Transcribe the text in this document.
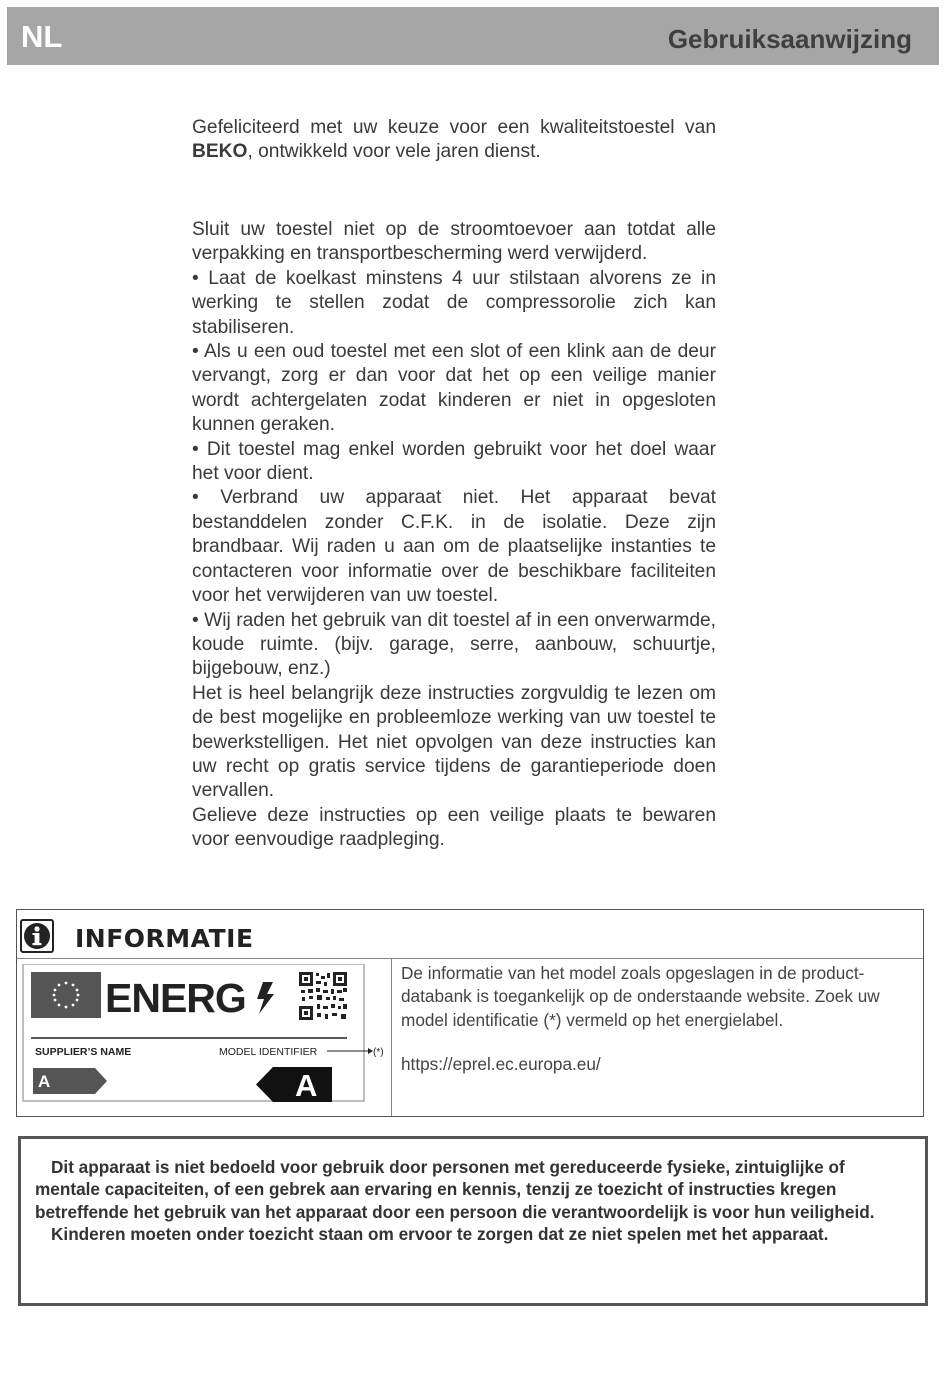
NL	Gebruiksaanwijzing

Gefeliciteerd met uw keuze voor een kwaliteitstoestel van BEKO, ontwikkeld voor vele jaren dienst.

Sluit uw toestel niet op de stroomtoevoer aan totdat alle verpakking en transportbescherming werd verwijderd.

• Laat de koelkast minstens 4 uur stilstaan alvorens ze in werking te stellen zodat de compressorolie zich kan stabiliseren.

• Als u een oud toestel met een slot of een klink aan de deur vervangt, zorg er dan voor dat het op een veilige manier wordt achtergelaten zodat kinderen er niet in opgesloten kunnen geraken.

• Dit toestel mag enkel worden gebruikt voor het doel waar het voor dient.

• Verbrand uw apparaat niet. Het apparaat bevat bestanddelen zonder C.F.K. in de isolatie. Deze zijn brandbaar. Wij raden u aan om de plaatselijke instanties te contacteren voor informatie over de beschikbare faciliteiten voor het verwijderen van uw toestel.

• Wij raden het gebruik van dit toestel af in een onverwarmde, koude ruimte. (bijv. garage, serre, aanbouw, schuurtje, bijgebouw, enz.)

Het is heel belangrijk deze instructies zorgvuldig te lezen om de best mogelijke en probleemloze werking van uw toestel te bewerkstelligen. Het niet opvolgen van deze instructies kan uw recht op gratis service tijdens de garantieperiode doen vervallen.

Gelieve deze instructies op een veilige plaats te bewaren voor eenvoudige raadpleging.

INFORMATIE
ENERG
SUPPLIER’S NAME	MODEL IDENTIFIER	(*)
A	A

De informatie van het model zoals opgeslagen in de product-databank is toegankelijk op de onderstaande website. Zoek uw model identificatie (*) vermeld op het energielabel.

https://eprel.ec.europa.eu/

Dit apparaat is niet bedoeld voor gebruik door personen met gereduceerde fysieke, zintuiglijke of mentale capaciteiten, of een gebrek aan ervaring en kennis, tenzij ze toezicht of instructies kregen betreffende het gebruik van het apparaat door een persoon die verantwoordelijk is voor hun veiligheid.

Kinderen moeten onder toezicht staan om ervoor te zorgen dat ze niet spelen met het apparaat.
